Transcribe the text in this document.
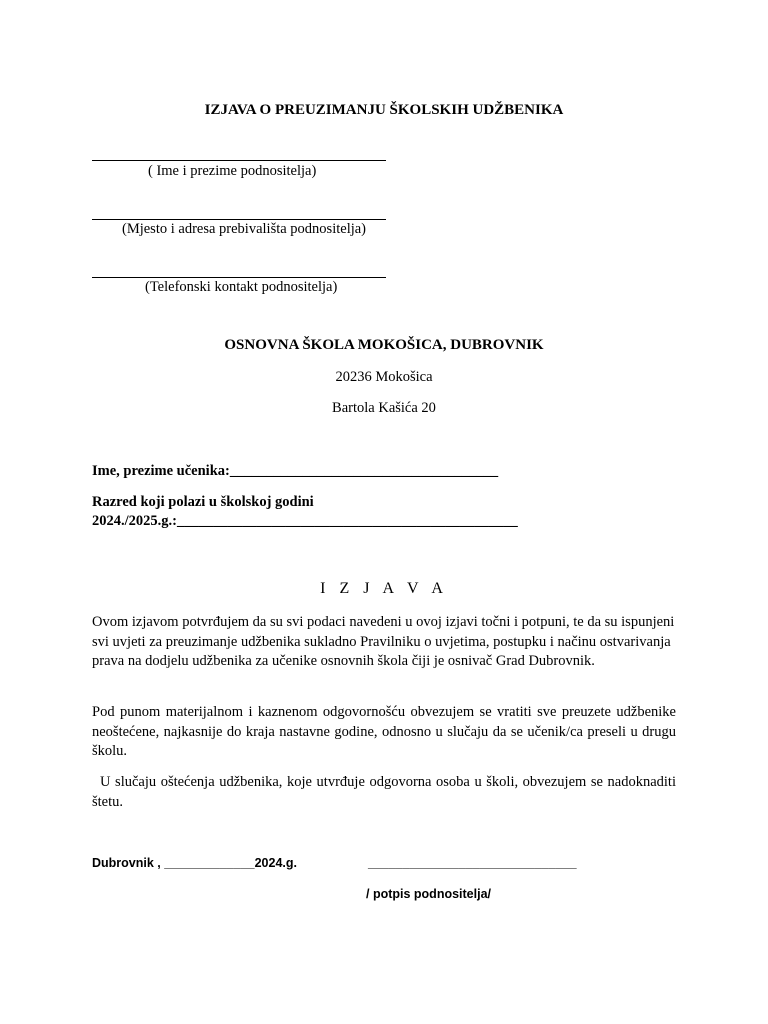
IZJAVA O PREUZIMANJU ŠKOLSKIH UDŽBENIKA
( Ime i prezime podnositelja)
(Mjesto i adresa prebivališta podnositelja)
(Telefonski kontakt podnositelja)
OSNOVNA ŠKOLA MOKOŠICA, DUBROVNIK
20236 Mokošica
Bartola Kašića 20
Ime, prezime učenika:_____________________________________
Razred koji polazi u školskoj godini
2024./2025.g.:_______________________________________________
I Z J A V A
Ovom izjavom potvrđujem da su svi podaci navedeni u ovoj izjavi točni i potpuni, te da su ispunjeni svi uvjeti za preuzimanje udžbenika sukladno Pravilniku o uvjetima, postupku i načinu ostvarivanja prava na dodjelu udžbenika za učenike osnovnih škola čiji je osnivač Grad Dubrovnik.
Pod punom materijalnom i kaznenom odgovornošću obvezujem se vratiti sve preuzete udžbenike neoštećene, najkasnije do kraja nastavne godine, odnosno u slučaju da se učenik/ca preseli u drugu školu.
U slučaju oštećenja udžbenika, koje utvrđuje odgovorna osoba u školi, obvezujem se nadoknaditi štetu.
Dubrovnik , _____________2024.g.	______________________________
/ potpis podnositelja/
